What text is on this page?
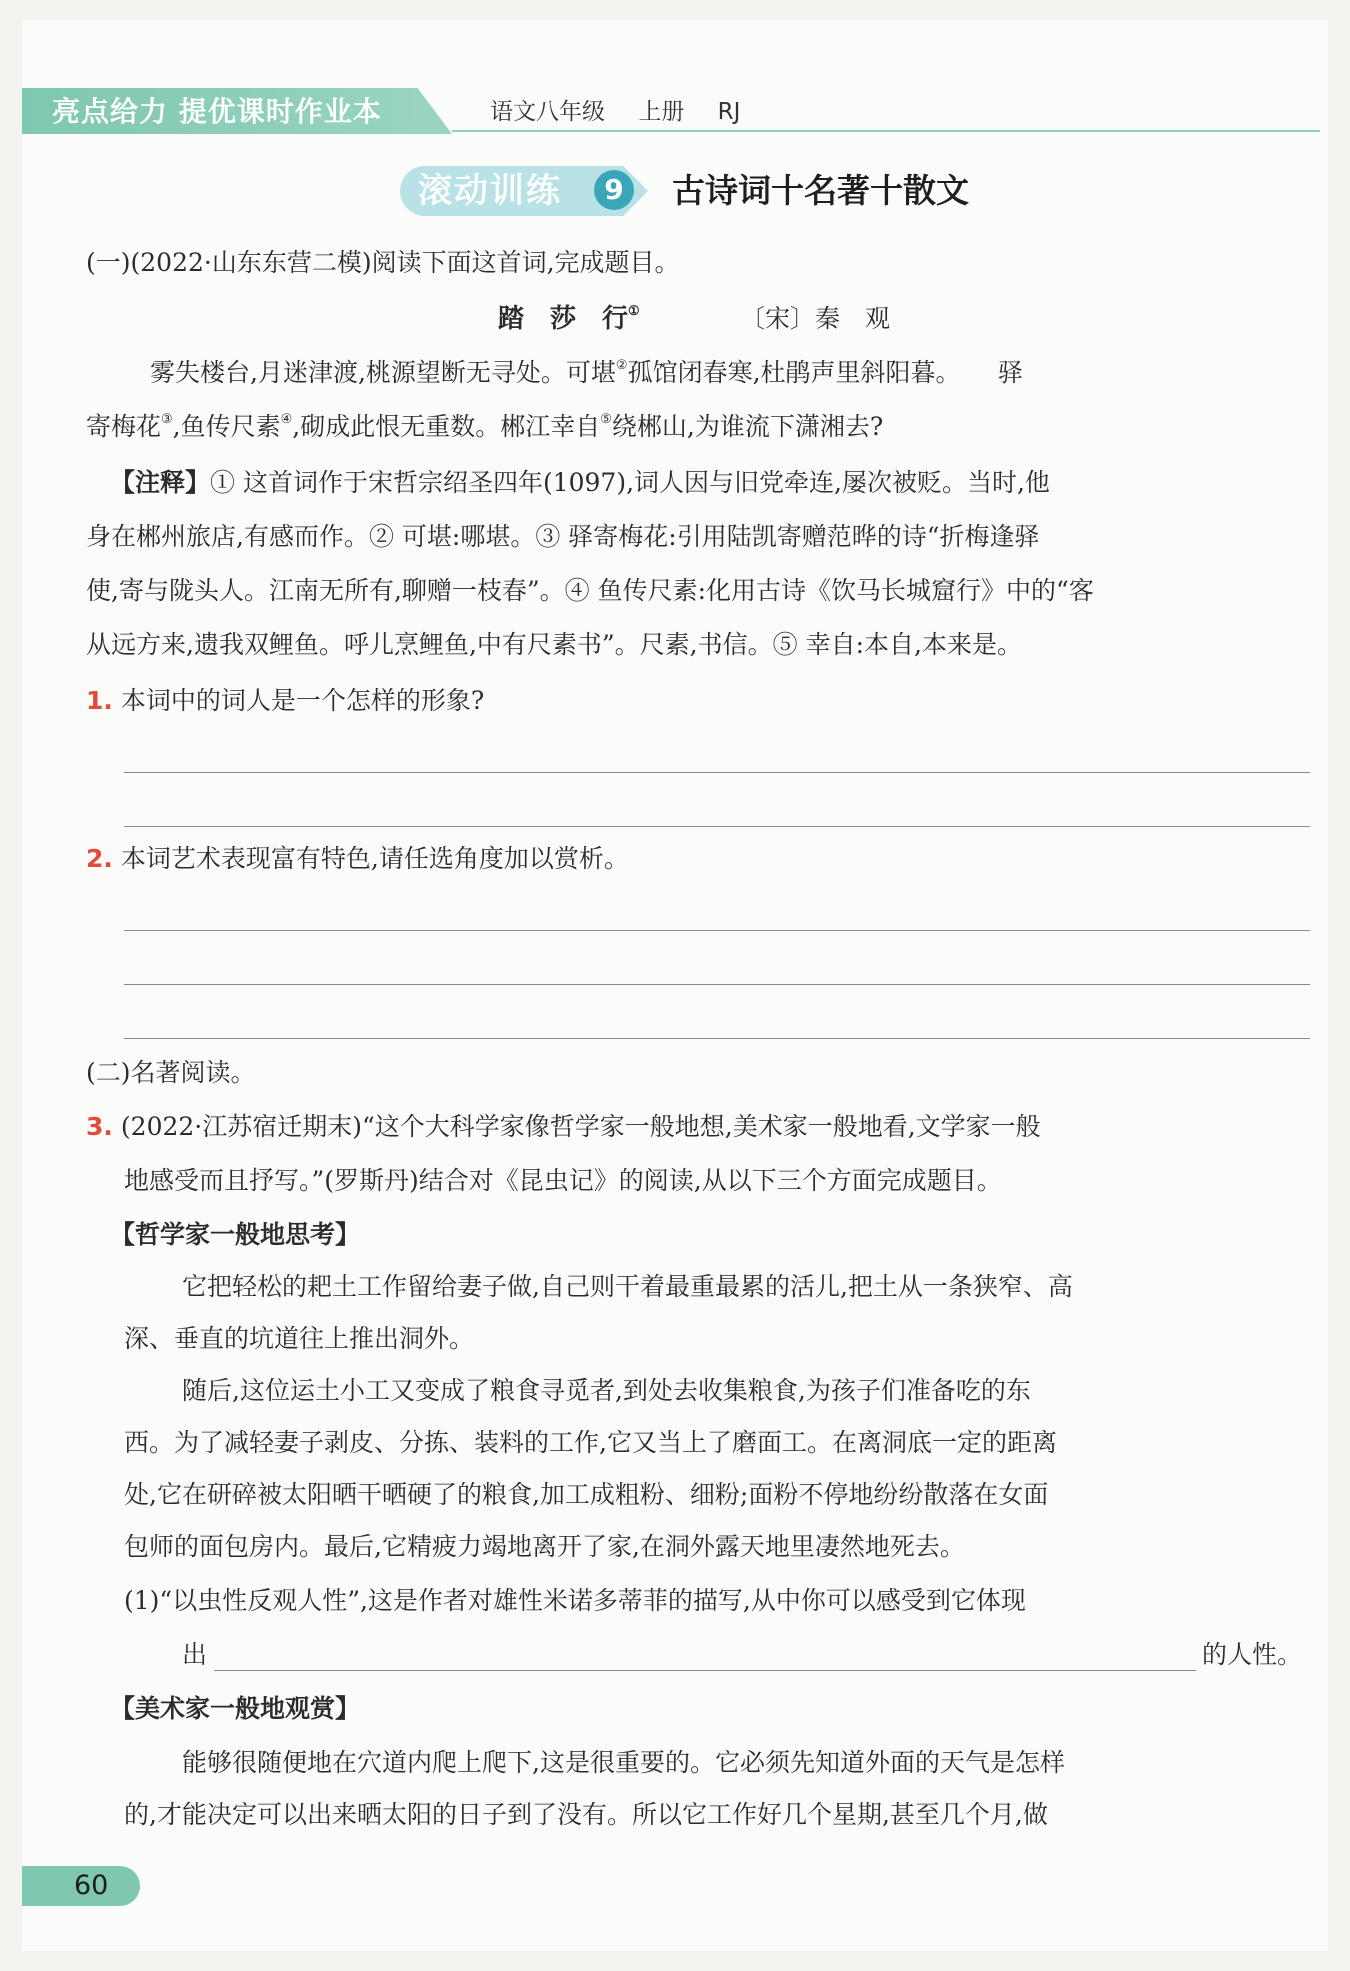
亮点给力 提优课时作业本	语文八年级 上册 RJ
滚动训练	9	古诗词十名著十散文
(一)(2022·山东东营二模)阅读下面这首词,完成题目。
踏　莎　行①	〔宋〕秦　观
雾失楼台,月迷津渡,桃源望断无寻处。可堪②孤馆闭春寒,杜鹃声里斜阳暮。　　驿
寄梅花③,鱼传尺素④,砌成此恨无重数。郴江幸自⑤绕郴山,为谁流下潇湘去?
【注释】① 这首词作于宋哲宗绍圣四年(1097),词人因与旧党牵连,屡次被贬。当时,他
身在郴州旅店,有感而作。② 可堪:哪堪。③ 驿寄梅花:引用陆凯寄赠范晔的诗“折梅逢驿
使,寄与陇头人。江南无所有,聊赠一枝春”。④ 鱼传尺素:化用古诗《饮马长城窟行》中的“客
从远方来,遗我双鲤鱼。呼儿烹鲤鱼,中有尺素书”。尺素,书信。⑤ 幸自:本自,本来是。
1. 本词中的词人是一个怎样的形象?
2. 本词艺术表现富有特色,请任选角度加以赏析。
(二)名著阅读。
3. (2022·江苏宿迁期末)“这个大科学家像哲学家一般地想,美术家一般地看,文学家一般
地感受而且抒写。”(罗斯丹)结合对《昆虫记》的阅读,从以下三个方面完成题目。
【哲学家一般地思考】
它把轻松的耙土工作留给妻子做,自己则干着最重最累的活儿,把土从一条狭窄、高
深、垂直的坑道往上推出洞外。
随后,这位运土小工又变成了粮食寻觅者,到处去收集粮食,为孩子们准备吃的东
西。为了减轻妻子剥皮、分拣、装料的工作,它又当上了磨面工。在离洞底一定的距离
处,它在研碎被太阳晒干晒硬了的粮食,加工成粗粉、细粉;面粉不停地纷纷散落在女面
包师的面包房内。最后,它精疲力竭地离开了家,在洞外露天地里凄然地死去。
(1)“以虫性反观人性”,这是作者对雄性米诺多蒂菲的描写,从中你可以感受到它体现
出	的人性。
【美术家一般地观赏】
能够很随便地在穴道内爬上爬下,这是很重要的。它必须先知道外面的天气是怎样
的,才能决定可以出来晒太阳的日子到了没有。所以它工作好几个星期,甚至几个月,做
60
